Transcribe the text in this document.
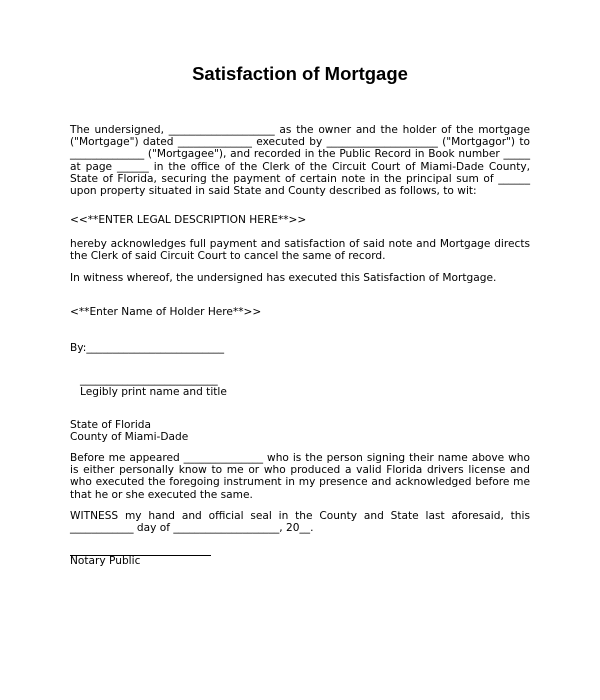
Satisfaction of Mortgage
The undersigned, ____________________ as the owner and the holder of the mortgage ("Mortgage") dated ______________ executed by _____________________ ("Mortgagor") to ______________ ("Mortgagee"), and recorded in the Public Record in Book number _____ at page ______ in the office of the Clerk of the Circuit Court of Miami-Dade County, State of Florida, securing the payment of certain note in the principal sum of ______ upon property situated in said State and County described as follows, to wit:
<<**ENTER LEGAL DESCRIPTION HERE**>>
hereby acknowledges full payment and satisfaction of said note and Mortgage directs the Clerk of said Circuit Court to cancel the same of record.
In witness whereof, the undersigned has executed this Satisfaction of Mortgage.
<**Enter Name of Holder Here**>>
By:__________________________
__________________________
Legibly print name and title
State of Florida
County of Miami-Dade
Before me appeared _______________ who is the person signing their name above who is either personally know to me or who produced a valid Florida drivers license and who executed the foregoing instrument in my presence and acknowledged before me that he or she executed the same.
WITNESS my hand and official seal in the County and State last aforesaid, this ____________ day of ____________________, 20__.
Notary Public
